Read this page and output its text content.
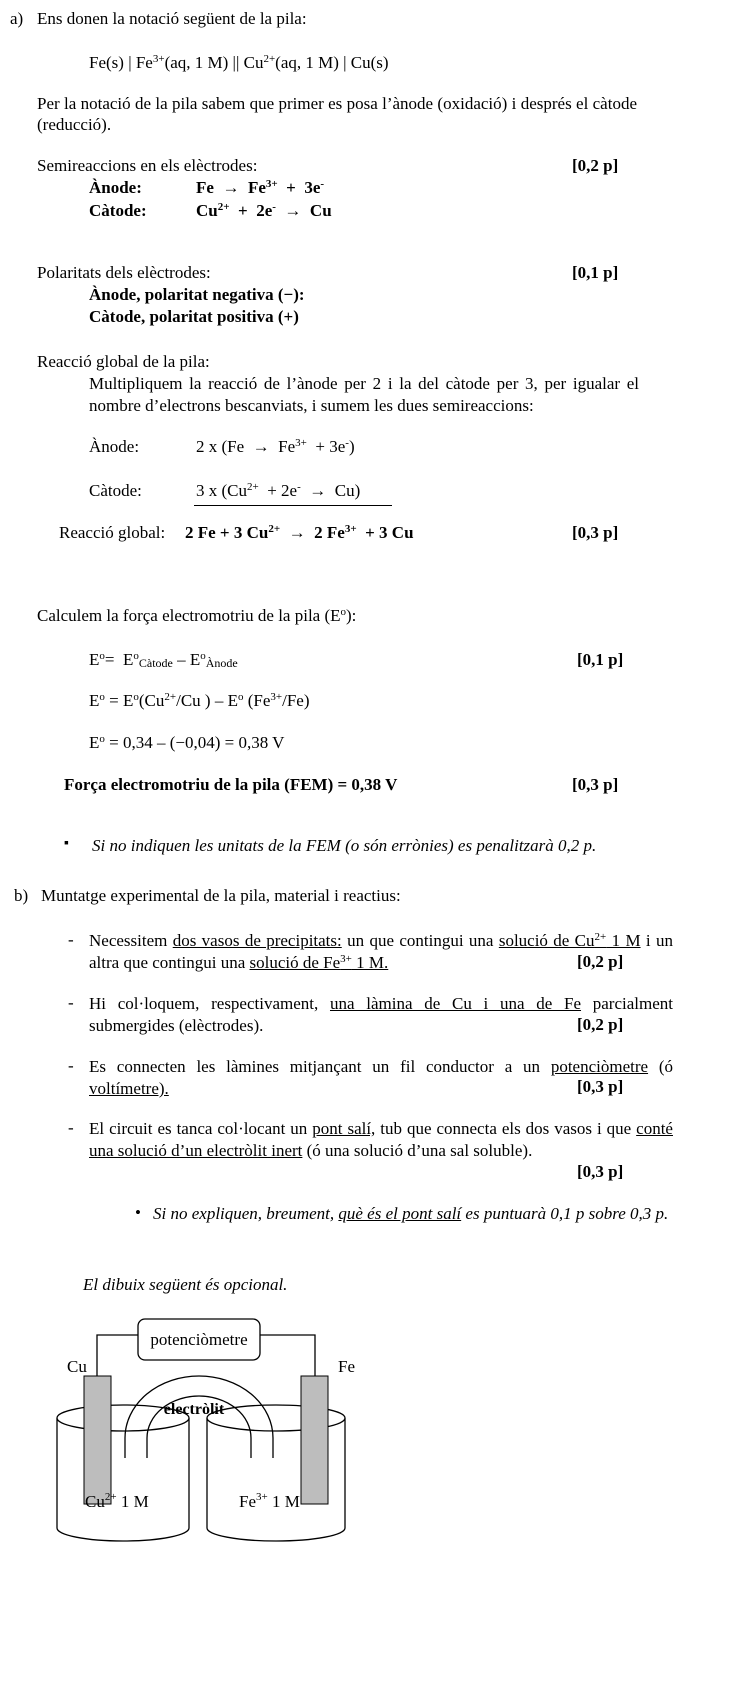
a) Ens donen la notació següent de la pila:
Fe(s) | $Fe^{3+}(aq$, 1 M) || $Cu^{2+}(aq$, 1 M) | Cu(s)
Per la notació de la pila sabem que primer es posa l’ànode (oxidació) i després el càtode (reducció).
Semireaccions en els elèctrodes:	[0,2 p]
Ànode:	$Fe \to Fe^{3+} + 3e^-$
Càtode:	$Cu^{2+} + 2e^- \to Cu$
Polaritats dels elèctrodes:	[0,1 p]
Ànode, polaritat negativa (−):
Càtode, polaritat positiva (+)
Reacció global de la pila:
Multipliquem la reacció de l’ànode per 2 i la del càtode per 3, per igualar el nombre d’electrons bescanviats, i sumem les dues semireaccions:
Ànode:	2 x $(Fe \to Fe^{3+} + 3e^-)$
Càtode:	3 x $(Cu^{2+} + 2e^- \to Cu)$
Reacció global: 2 Fe + 3 $Cu^{2+} \to 2$ $Fe^{3+} + 3$ Cu	[0,3 p]
Calculem la força electromotriu de la pila $(E^o)$:
$E^o= E^o_{Càtode} - E^o_{Ànode}$	[0,1 p]
$E^o = E^o(Cu^{2+}/Cu$ ) – $E^o$ $(Fe^{3+}/Fe)$
$E^o = 0,34 - (-0,04) = 0,38$ V
Força electromotriu de la pila (FEM) = 0,38 V	[0,3 p]
▪ Si no indiquen les unitats de la FEM (o són errònies) es penalitzarà 0,2 p.
b) Muntatge experimental de la pila, material i reactius:
- Necessitem dos vasos de precipitats: un que contingui una solució de $Cu^{2+}$ 1 M i un altra que contingui una solució de $Fe^{3+}$ 1 M.	[0,2 p]
- Hi col·loquem, respectivament, una làmina de Cu i una de Fe parcialment submergides (elèctrodes).	[0,2 p]
- Es connecten les làmines mitjançant un fil conductor a un potenciòmetre (ó voltímetre).	[0,3 p]
- El circuit es tanca col·locant un pont salí, tub que connecta els dos vasos i que conté una solució d’un electròlit inert (ó una solució d’una sal soluble).
[0,3 p]
• Si no expliquen, breument, què és el pont salí es puntuarà 0,1 p sobre 0,3 p.
El dibuix següent és opcional.
potenciòmetre
Cu	Fe
electròlit
$Cu^{2+}$ 1 M	$Fe^{3+}$ 1 M
